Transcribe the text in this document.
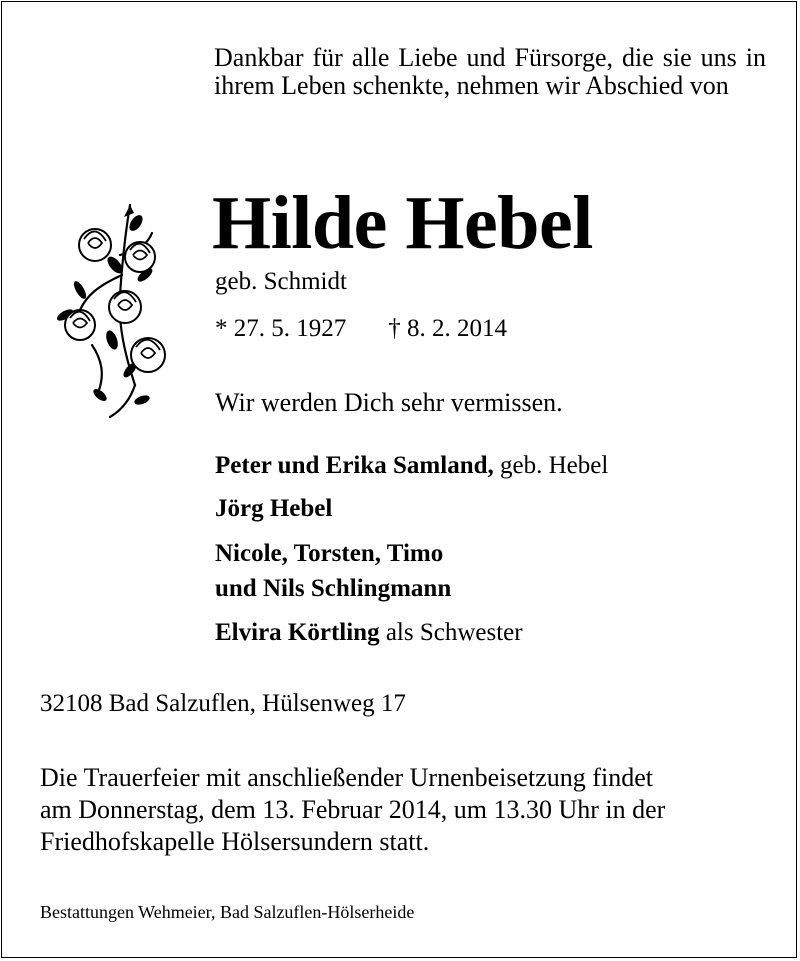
Dankbar für alle Liebe und Fürsorge, die sie uns in ihrem Leben schenkte, nehmen wir Abschied von
Hilde Hebel
geb. Schmidt
* 27. 5. 1927 † 8. 2. 2014
Wir werden Dich sehr vermissen.
Peter und Erika Samland, geb. Hebel
Jörg Hebel
Nicole, Torsten, Timo
und Nils Schlingmann
Elvira Körtling als Schwester
32108 Bad Salzuflen, Hülsenweg 17
Die Trauerfeier mit anschließender Urnenbeisetzung findet
am Donnerstag, dem 13. Februar 2014, um 13.30 Uhr in der
Friedhofskapelle Hölsersundern statt.
Bestattungen Wehmeier, Bad Salzuflen-Hölserheide
